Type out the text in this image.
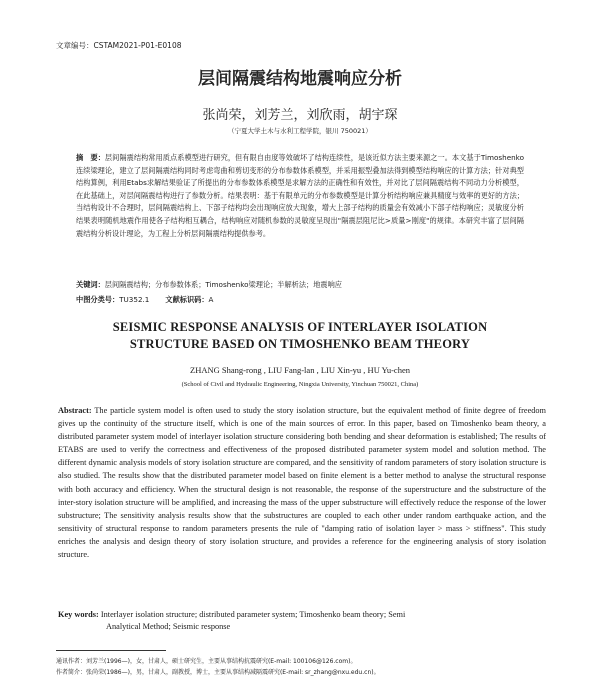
文章编号：CSTAM2021-P01-E0108
层间隔震结构地震响应分析
张尚荣，刘芳兰，刘欣雨，胡宇琛
（宁夏大学土木与水利工程学院，银川 750021）
摘　要：层间隔震结构常用质点系模型进行研究，但有限自由度等效破坏了结构连续性，是该近似方法主要来源之一。本文基于Timoshenko连续梁理论，建立了层间隔震结构同时考虑弯曲和剪切变形的分布参数体系模型，并采用振型叠加法得到模型结构响应的计算方法；针对典型结构算例，利用Etabs求解结果验证了所提出的分布参数体系模型是求解方法的正确性和有效性，并对比了层间隔震结构不同动力分析模型，在此基础上，对层间隔震结构进行了参数分析。结果表明：基于有限单元的分布参数模型是计算分析结构响应兼具精度与效率的更好的方法；当结构设计不合理时，层间隔震结构上、下部子结构均会出现响应放大现象，增大上部子结构的质量会有效减小下部子结构响应；灵敏度分析结果表明随机地震作用使各子结构相互耦合，结构响应对随机参数的灵敏度呈现出"隔震层阻尼比>质量>刚度"的规律。本研究丰富了层间隔震结构分析设计理论，为工程上分析层间隔震结构提供参考。
关键词：层间隔震结构；分布参数体系；Timoshenko梁理论；半解析法；地震响应
中图分类号：TU352.1 文献标识码：A
SEISMIC RESPONSE ANALYSIS OF INTERLAYER ISOLATION
STRUCTURE BASED ON TIMOSHENKO BEAM THEORY
ZHANG Shang-rong , LIU Fang-lan , LIU Xin-yu , HU Yu-chen
(School of Civil and Hydraulic Engineering, Ningxia University, Yinchuan 750021, China)
Abstract: The particle system model is often used to study the story isolation structure, but the equivalent method of finite degree of freedom gives up the continuity of the structure itself, which is one of the main sources of error. In this paper, based on Timoshenko beam theory, a distributed parameter system model of interlayer isolation structure considering both bending and shear deformation is established; The results of ETABS are used to verify the correctness and effectiveness of the proposed distributed parameter system model and solution method. The different dynamic analysis models of story isolation structure are compared, and the sensitivity of random parameters of story isolation structure is also studied. The results show that the distributed parameter model based on finite element is a better method to analyse the structural response with both accuracy and efficiency. When the structural design is not reasonable, the response of the superstructure and the substructure of the inter-story isolation structure will be amplified, and increasing the mass of the upper substructure will effectively reduce the response of the lower substructure; The sensitivity analysis results show that the substructures are coupled to each other under random earthquake action, and the sensitivity of structural response to random parameters presents the rule of "damping ratio of isolation layer > mass > stiffness". This study enriches the analysis and design theory of story isolation structure, and provides a reference for the engineering analysis of story isolation structure.
Key words: Interlayer isolation structure; distributed parameter system; Timoshenko beam theory; Semi
Analytical Method; Seismic response
通讯作者：刘芳兰(1996—)，女，甘肃人，硕士研究生，主要从事结构抗震研究(E-mail: 100106@126.com)。
作者简介：张尚荣(1986—)，男，甘肃人，副教授，博士，主要从事结构减隔震研究(E-mail: sr_zhang@nxu.edu.cn)。
